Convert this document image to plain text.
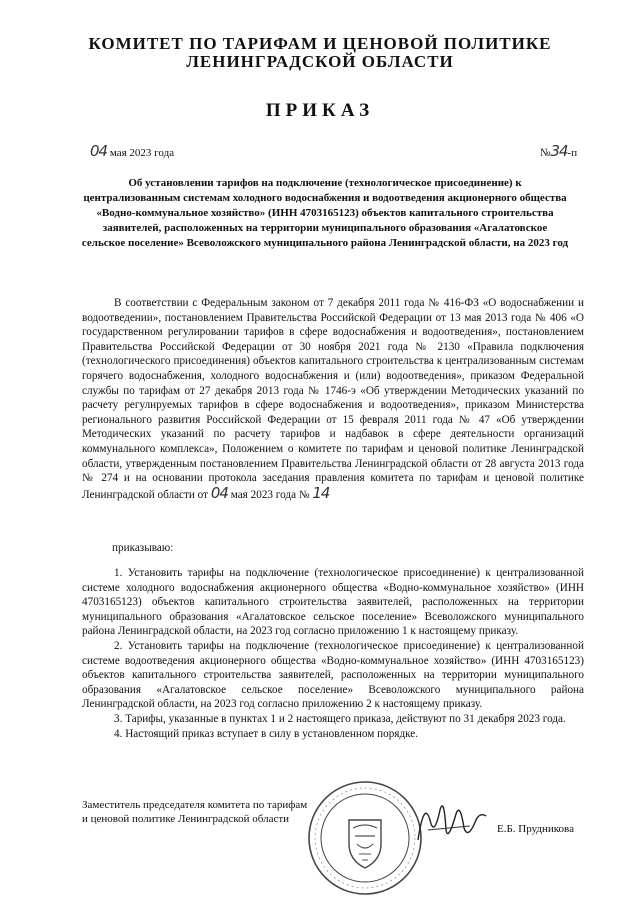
КОМИТЕТ ПО ТАРИФАМ И ЦЕНОВОЙ ПОЛИТИКЕ
ЛЕНИНГРАДСКОЙ ОБЛАСТИ
ПРИКАЗ
04 мая 2023 года	№34-п
Об установлении тарифов на подключение (технологическое присоединение) к централизованным системам холодного водоснабжения и водоотведения акционерного общества «Водно-коммунальное хозяйство» (ИНН 4703165123) объектов капитального строительства заявителей, расположенных на территории муниципального образования «Агалатовское сельское поселение» Всеволожского муниципального района Ленинградской области, на 2023 год

В соответствии с Федеральным законом от 7 декабря 2011 года № 416-ФЗ «О водоснабжении и водоотведении», постановлением Правительства Российской Федерации от 13 мая 2013 года № 406 «О государственном регулировании тарифов в сфере водоснабжения и водоотведения», постановлением Правительства Российской Федерации от 30 ноября 2021 года № 2130 «Правила подключения (технологического присоединения) объектов капитального строительства к централизованным системам горячего водоснабжения, холодного водоснабжения и (или) водоотведения», приказом Федеральной службы по тарифам от 27 декабря 2013 года № 1746-э «Об утверждении Методических указаний по расчету регулируемых тарифов в сфере водоснабжения и водоотведения», приказом Министерства регионального развития Российской Федерации от 15 февраля 2011 года № 47 «Об утверждении Методических указаний по расчету тарифов и надбавок в сфере деятельности организаций коммунального комплекса», Положением о комитете по тарифам и ценовой политике Ленинградской области, утвержденным постановлением Правительства Ленинградской области от 28 августа 2013 года № 274 и на основании протокола заседания правления комитета по тарифам и ценовой политике Ленинградской области от 04 мая 2023 года № 14

приказываю:

1. Установить тарифы на подключение (технологическое присоединение) к централизованной системе холодного водоснабжения акционерного общества «Водно-коммунальное хозяйство» (ИНН 4703165123) объектов капитального строительства заявителей, расположенных на территории муниципального образования «Агалатовское сельское поселение» Всеволожского муниципального района Ленинградской области, на 2023 год согласно приложению 1 к настоящему приказу.

2. Установить тарифы на подключение (технологическое присоединение) к централизованной системе водоотведения акционерного общества «Водно-коммунальное хозяйство» (ИНН 4703165123) объектов капитального строительства заявителей, расположенных на территории муниципального образования «Агалатовское сельское поселение» Всеволожского муниципального района Ленинградской области, на 2023 год согласно приложению 2 к настоящему приказу.

3. Тарифы, указанные в пунктах 1 и 2 настоящего приказа, действуют по 31 декабря 2023 года.

4. Настоящий приказ вступает в силу в установленном порядке.

Заместитель председателя комитета по тарифам
и ценовой политике Ленинградской области
Е.Б. Прудникова
